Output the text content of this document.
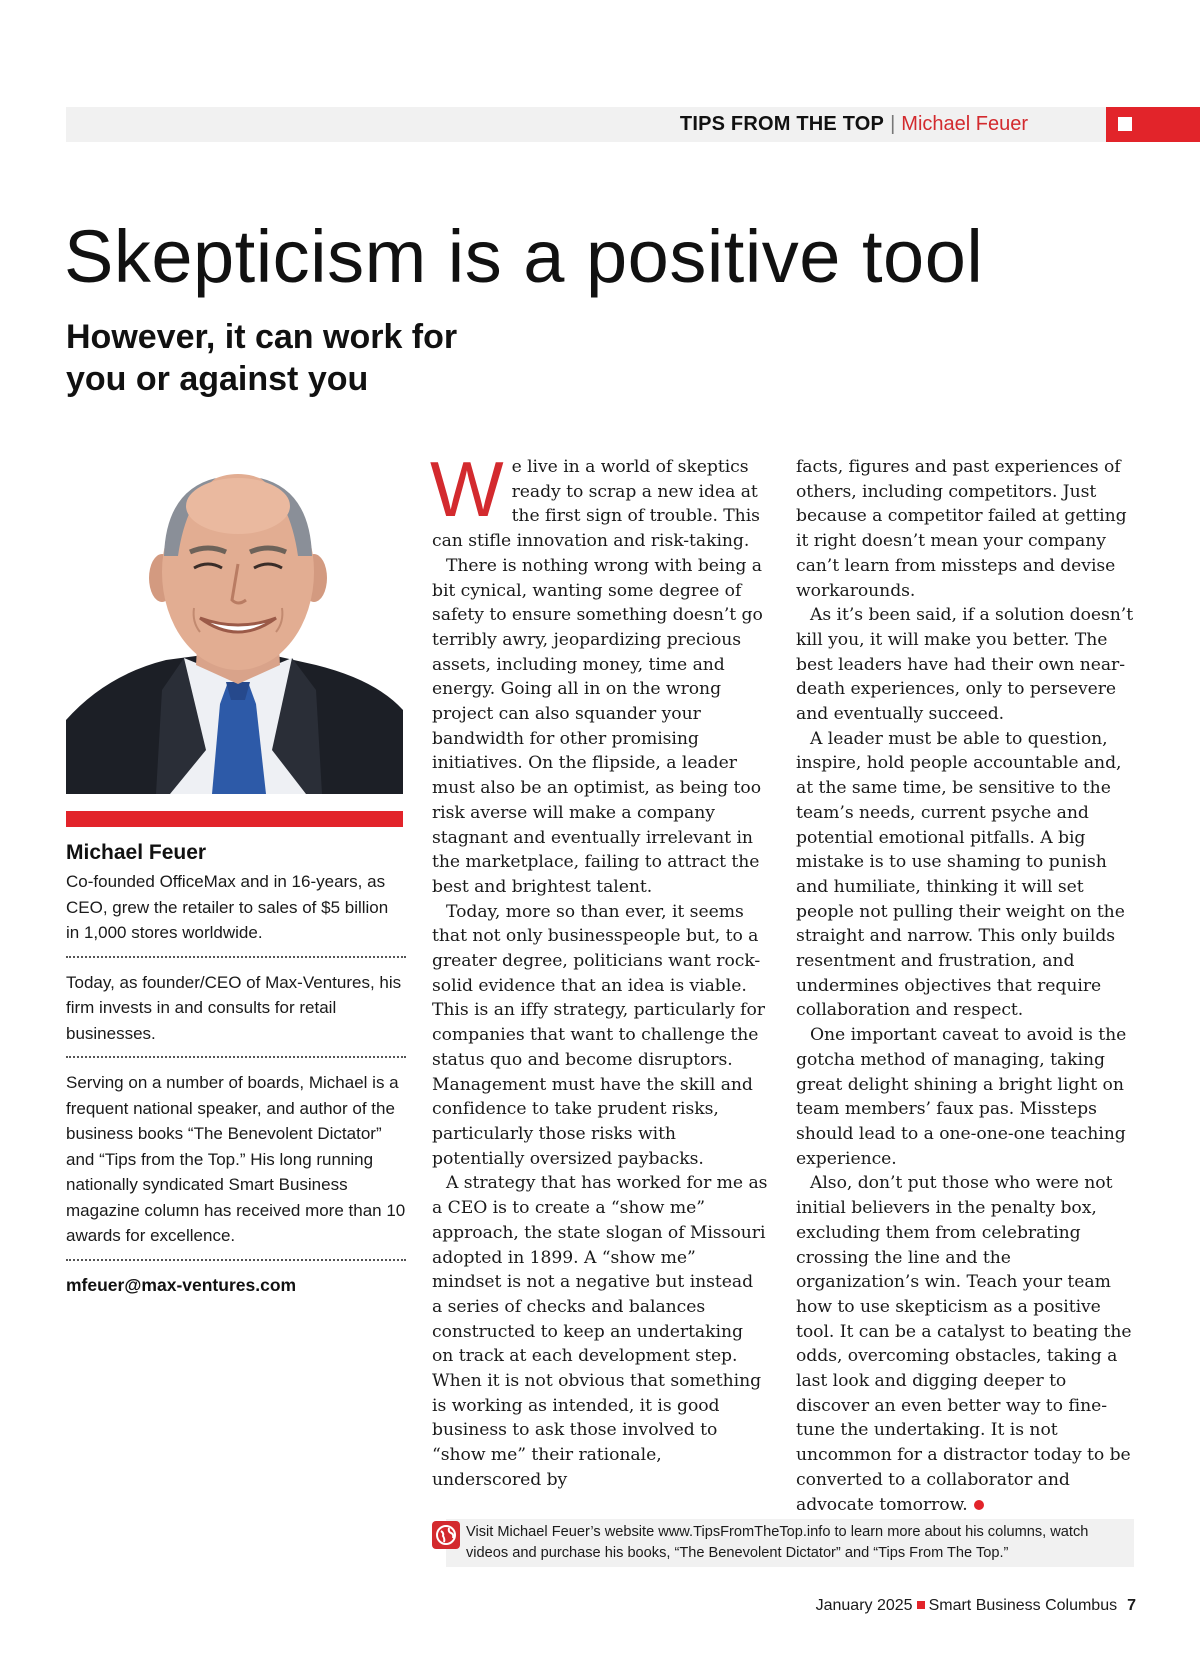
TIPS FROM THE TOP | Michael Feuer
Skepticism is a positive tool
However, it can work for you or against you
Michael Feuer
Co-founded OfficeMax and in 16-years, as CEO, grew the retailer to sales of $5 billion in 1,000 stores worldwide.
Today, as founder/CEO of Max-Ventures, his firm invests in and consults for retail businesses.
Serving on a number of boards, Michael is a frequent national speaker, and author of the business books “The Benevolent Dictator” and “Tips from the Top.” His long running nationally syndicated Smart Business magazine column has received more than 10 awards for excellence.
mfeuer@max-ventures.com

We live in a world of skeptics ready to scrap a new idea at the first sign of trouble. This can stifle innovation and risk-taking.

There is nothing wrong with being a bit cynical, wanting some degree of safety to ensure something doesn’t go terribly awry, jeopardizing precious assets, including money, time and energy. Going all in on the wrong project can also squander your bandwidth for other promising initiatives. On the flipside, a leader must also be an optimist, as being too risk averse will make a company stagnant and eventually irrelevant in the marketplace, failing to attract the best and brightest talent.

Today, more so than ever, it seems that not only businesspeople but, to a greater degree, politicians want rock-solid evidence that an idea is viable. This is an iffy strategy, particularly for companies that want to challenge the status quo and become disruptors. Management must have the skill and confidence to take prudent risks, particularly those risks with potentially oversized paybacks.

A strategy that has worked for me as a CEO is to create a “show me” approach, the state slogan of Missouri adopted in 1899. A “show me” mindset is not a negative but instead a series of checks and balances constructed to keep an undertaking on track at each development step. When it is not obvious that something is working as intended, it is good business to ask those involved to “show me” their rationale, underscored by

facts, figures and past experiences of others, including competitors. Just because a competitor failed at getting it right doesn’t mean your company can’t learn from missteps and devise workarounds.

As it’s been said, if a solution doesn’t kill you, it will make you better. The best leaders have had their own near-death experiences, only to persevere and eventually succeed.

A leader must be able to question, inspire, hold people accountable and, at the same time, be sensitive to the team’s needs, current psyche and potential emotional pitfalls. A big mistake is to use shaming to punish and humiliate, thinking it will set people not pulling their weight on the straight and narrow. This only builds resentment and frustration, and undermines objectives that require collaboration and respect.

One important caveat to avoid is the gotcha method of managing, taking great delight shining a bright light on team members’ faux pas. Missteps should lead to a one-one-one teaching experience.

Also, don’t put those who were not initial believers in the penalty box, excluding them from celebrating crossing the line and the organization’s win. Teach your team how to use skepticism as a positive tool. It can be a catalyst to beating the odds, overcoming obstacles, taking a last look and digging deeper to discover an even better way to fine-tune the undertaking. It is not uncommon for a distractor today to be converted to a collaborator and advocate tomorrow.

Visit Michael Feuer’s website www.TipsFromTheTop.info to learn more about his columns, watch videos and purchase his books, “The Benevolent Dictator” and “Tips From The Top.”
January 2025 Smart Business Columbus 7
